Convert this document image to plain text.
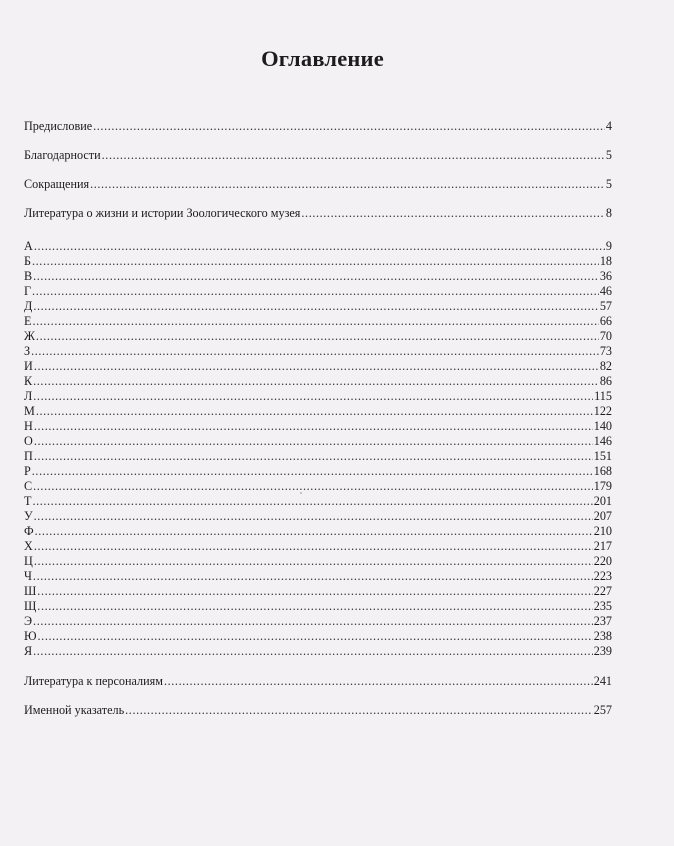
Оглавление
Предисловие .....	4
Благодарности .....	5
Сокращения .....	5
Литература о жизни и истории Зоологического музея .....	8
А .....	9
Б .....	18
В .....	36
Г .....	46
Д .....	57
Е .....	66
Ж .....	70
З .....	73
И .....	82
К .....	86
Л .....	115
М .....	122
Н .....	140
О .....	146
П .....	151
Р .....	168
С .....	179
Т .....	201
У .....	207
Ф .....	210
Х .....	217
Ц .....	220
Ч .....	223
Ш .....	227
Щ .....	235
Э .....	237
Ю .....	238
Я .....	239
Литература к персоналиям .....	241
Именной указатель .....	257
